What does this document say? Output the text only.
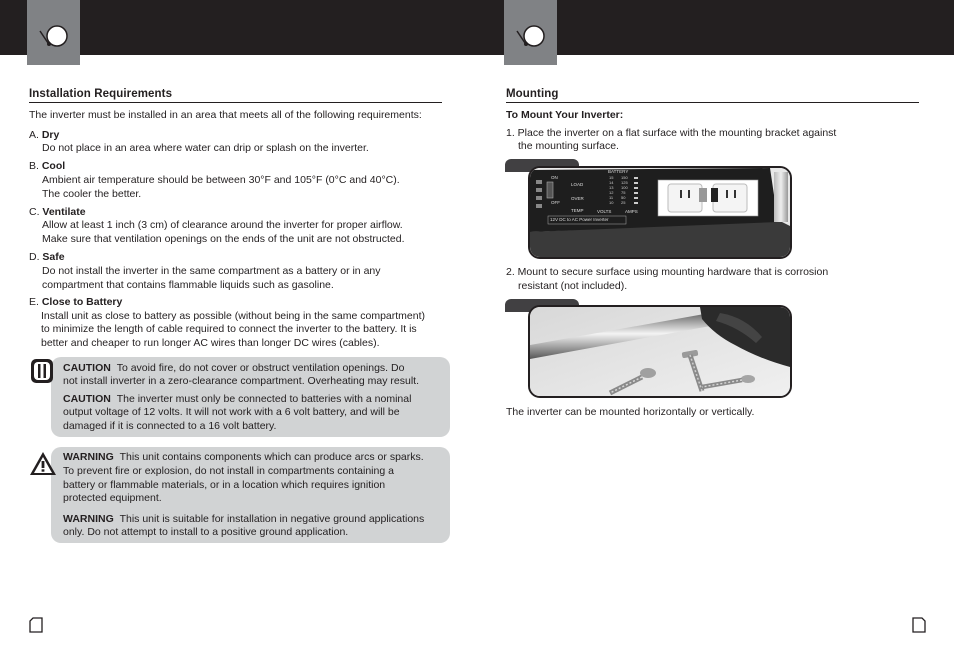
Installation Requirements
The inverter must be installed in an area that meets all of the following requirements:
A. Dry
Do not place in an area where water can drip or splash on the inverter.
B. Cool
Ambient air temperature should be between 30°F and 105°F (0°C and 40°C).
The cooler the better.
C. Ventilate
Allow at least 1 inch (3 cm) of clearance around the inverter for proper airflow.
Make sure that ventilation openings on the ends of the unit are not obstructed.
D. Safe
Do not install the inverter in the same compartment as a battery or in any
compartment that contains flammable liquids such as gasoline.
E. Close to Battery
Install unit as close to battery as possible (without being in the same compartment)
to minimize the length of cable required to connect the inverter to the battery. It is
better and cheaper to run longer AC wires than longer DC wires (cables).
CAUTION To avoid fire, do not cover or obstruct ventilation openings. Do
not install inverter in a zero-clearance compartment. Overheating may result.
CAUTION The inverter must only be connected to batteries with a nominal
output voltage of 12 volts. It will not work with a 6 volt battery, and will be
damaged if it is connected to a 16 volt battery.
WARNING This unit contains components which can produce arcs or sparks.
To prevent fire or explosion, do not install in compartments containing a
battery or flammable materials, or in a location which requires ignition
protected equipment.
WARNING This unit is suitable for installation in negative ground applications
only. Do not attempt to install to a positive ground application.
Mounting
To Mount Your Inverter:
1. Place the inverter on a flat surface with the mounting bracket against
the mounting surface.
ON
OFF
LOAD
OVER
TEMP
BATTERY
VOLTS	AMPS
15
14
13
12
11
10
150
125
100
75
50
25
12V DC to AC Power Inverter
2. Mount to secure surface using mounting hardware that is corrosion
resistant (not included).
The inverter can be mounted horizontally or vertically.
